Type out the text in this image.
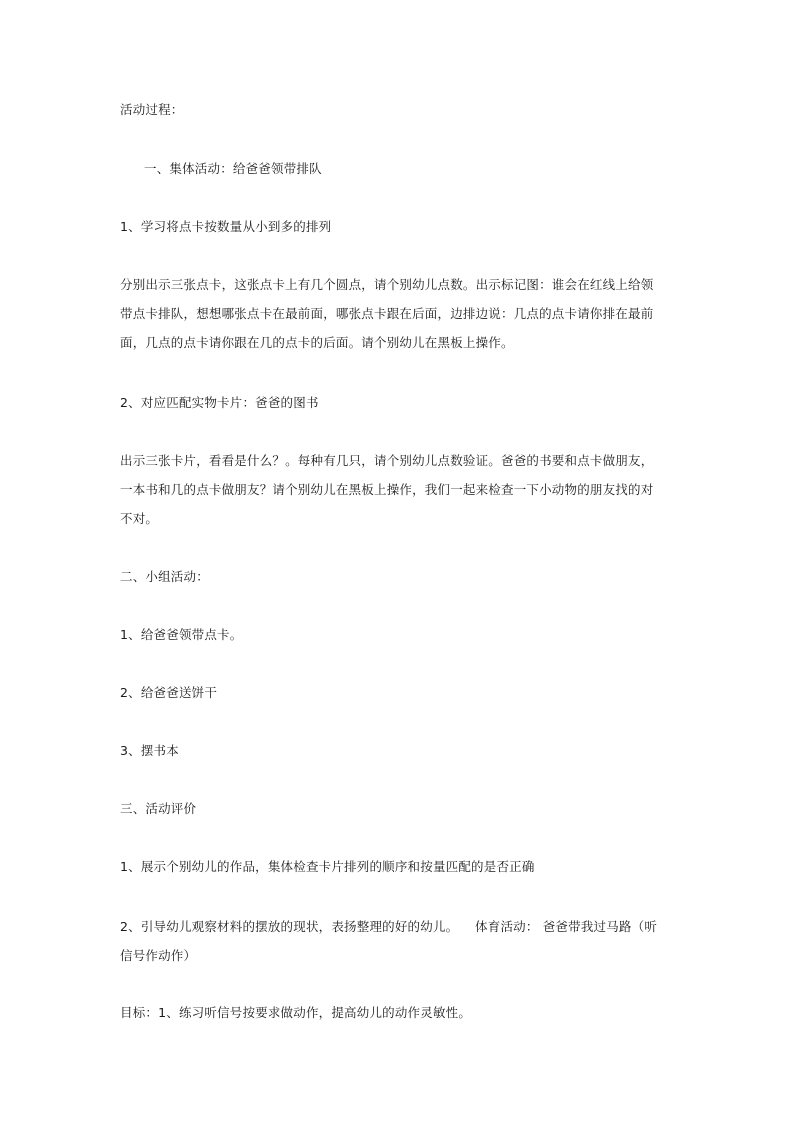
活动过程：
一、集体活动：给爸爸领带排队
1、学习将点卡按数量从小到多的排列
分别出示三张点卡，这张点卡上有几个圆点，请个别幼儿点数。出示标记图：谁会在红线上给领
带点卡排队，想想哪张点卡在最前面，哪张点卡跟在后面，边排边说：几点的点卡请你排在最前
面，几点的点卡请你跟在几的点卡的后面。请个别幼儿在黑板上操作。
2、对应匹配实物卡片：爸爸的图书
出示三张卡片，看看是什么？。每种有几只，请个别幼儿点数验证。爸爸的书要和点卡做朋友，
一本书和几的点卡做朋友？请个别幼儿在黑板上操作，我们一起来检查一下小动物的朋友找的对
不对。
二、小组活动：
1、给爸爸领带点卡。
2、给爸爸送饼干
3、摆书本
三、活动评价
1、展示个别幼儿的作品，集体检查卡片排列的顺序和按量匹配的是否正确
2、引导幼儿观察材料的摆放的现状，表扬整理的好的幼儿。    体育活动： 爸爸带我过马路（听
信号作动作）
目标：1、练习听信号按要求做动作，提高幼儿的动作灵敏性。
